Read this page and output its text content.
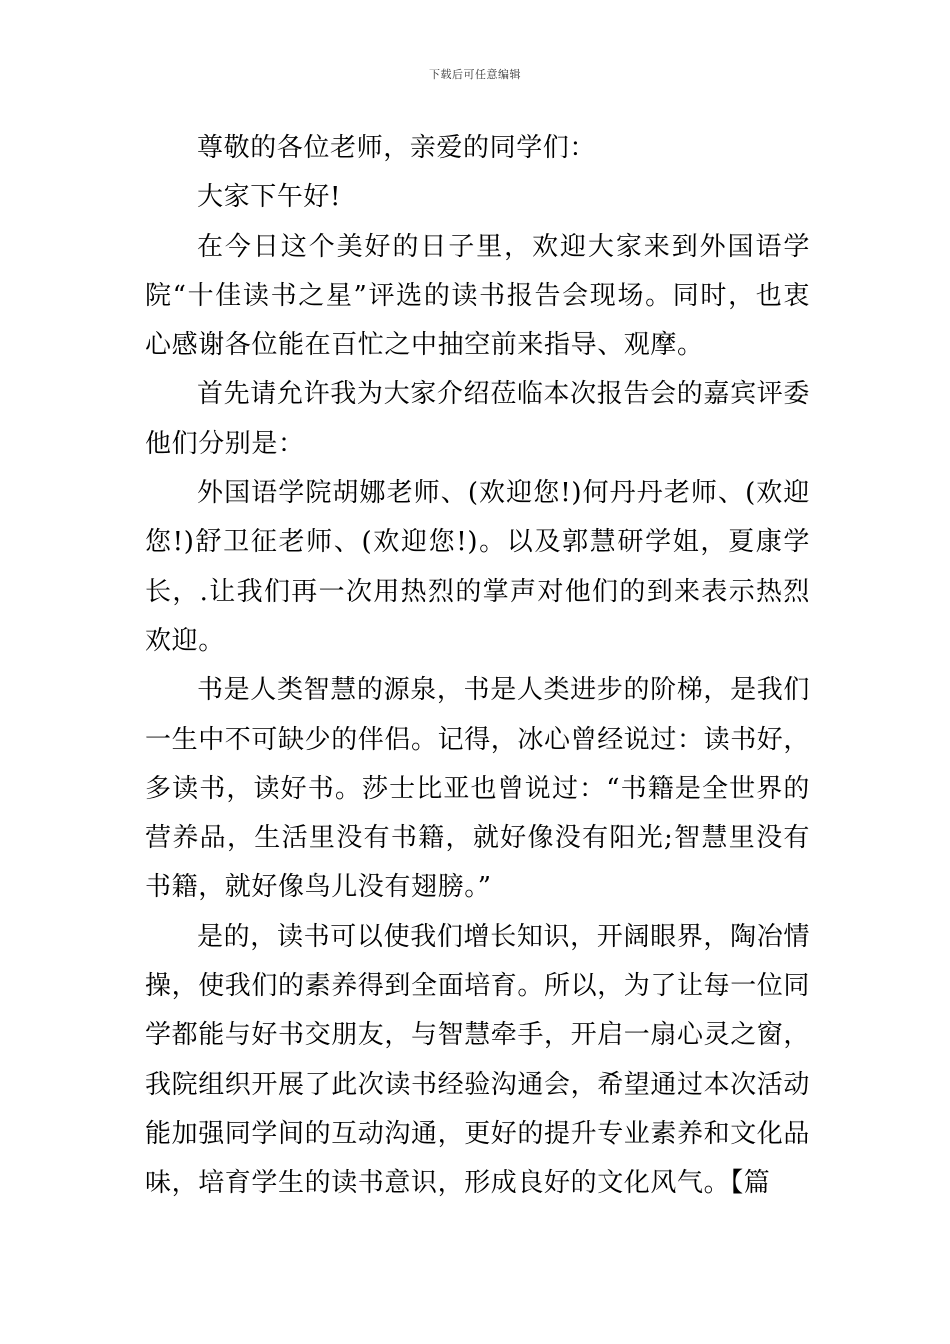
下载后可任意编辑

尊敬的各位老师，亲爱的同学们：

大家下午好!

在今日这个美好的日子里，欢迎大家来到外国语学院“十佳读书之星”评选的读书报告会现场。同时，也衷心感谢各位能在百忙之中抽空前来指导、观摩。

首先请允许我为大家介绍莅临本次报告会的嘉宾评委他们分别是：

外国语学院胡娜老师、(欢迎您!)何丹丹老师、(欢迎您!)舒卫征老师、(欢迎您!)。以及郭慧研学姐，夏康学长，.让我们再一次用热烈的掌声对他们的到来表示热烈欢迎。

书是人类智慧的源泉，书是人类进步的阶梯，是我们一生中不可缺少的伴侣。记得，冰心曾经说过：读书好，多读书，读好书。莎士比亚也曾说过：“书籍是全世界的营养品，生活里没有书籍，就好像没有阳光;智慧里没有书籍，就好像鸟儿没有翅膀。”

是的，读书可以使我们增长知识，开阔眼界，陶冶情操，使我们的素养得到全面培育。所以，为了让每一位同学都能与好书交朋友，与智慧牵手，开启一扇心灵之窗，我院组织开展了此次读书经验沟通会，希望通过本次活动能加强同学间的互动沟通，更好的提升专业素养和文化品味，培育学生的读书意识，形成良好的文化风气。【篇
